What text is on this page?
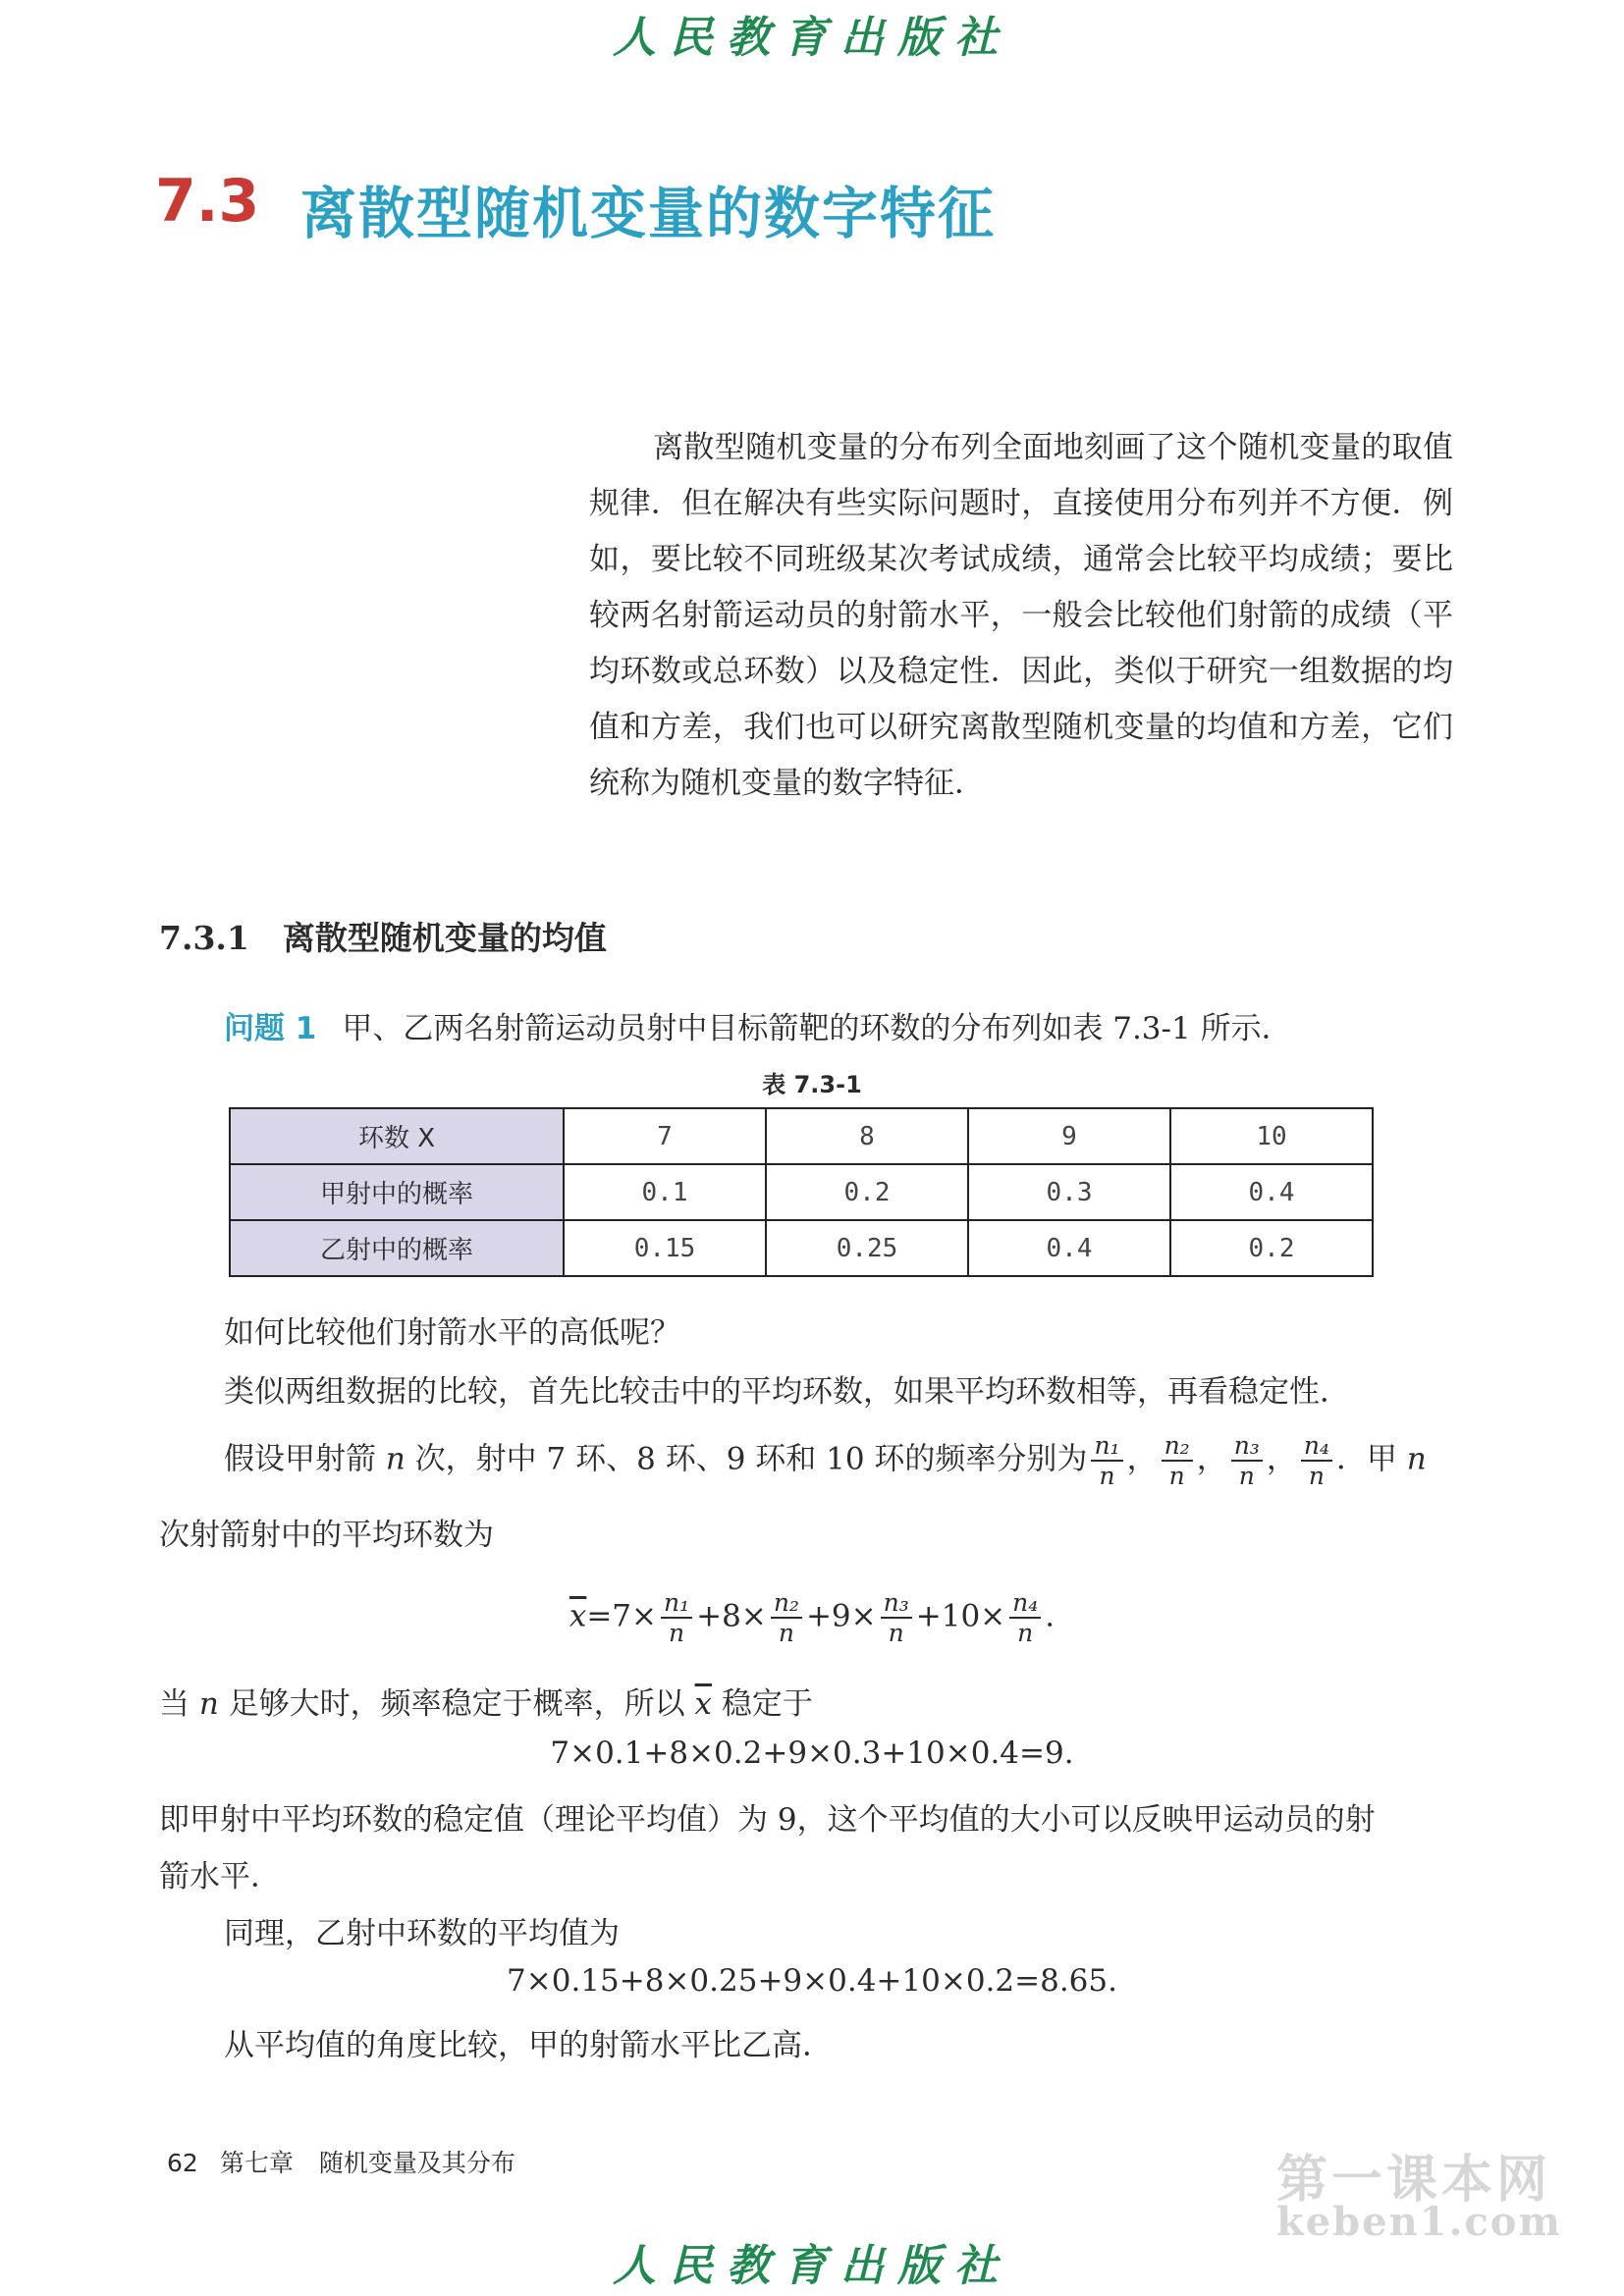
人民教育出版社
7.3 离散型随机变量的数字特征
离散型随机变量的分布列全面地刻画了这个随机变量的取值规律．但在解决有些实际问题时，直接使用分布列并不方便．例如，要比较不同班级某次考试成绩，通常会比较平均成绩；要比较两名射箭运动员的射箭水平，一般会比较他们射箭的成绩（平均环数或总环数）以及稳定性．因此，类似于研究一组数据的均值和方差，我们也可以研究离散型随机变量的均值和方差，它们统称为随机变量的数字特征．
7.3.1 离散型随机变量的均值
问题 1 甲、乙两名射箭运动员射中目标箭靶的环数的分布列如表 7.3-1 所示．
表 7.3-1
环数 X	7	8	9	10
甲射中的概率	0.1	0.2	0.3	0.4
乙射中的概率	0.15	0.25	0.4	0.2
如何比较他们射箭水平的高低呢？
类似两组数据的比较，首先比较击中的平均环数，如果平均环数相等，再看稳定性．
假设甲射箭 n 次，射中 7 环、8 环、9 环和 10 环的频率分别为 $\frac{\text{n₁}}{n}$ ， $\frac{\text{n₂}}{n}$ ， $\frac{\text{n₃}}{n}$ ， $\frac{\text{n₄}}{n}$ ．甲 n
次射箭射中的平均环数为
$\overline{x}=7\times \frac{\text{n₁}}{n} +8\times \frac{\text{n₂}}{n} +9\times \frac{\text{n₃}}{n} +10\times \frac{\text{n₄}}{n}$ .
当 n 足够大时，频率稳定于概率，所以 $\overline{x}$ 稳定于
7×0.1+8×0.2+9×0.3+10×0.4=9.
即甲射中平均环数的稳定值（理论平均值）为 9，这个平均值的大小可以反映甲运动员的射
箭水平．
同理，乙射中环数的平均值为
7×0.15+8×0.25+9×0.4+10×0.2=8.65.
从平均值的角度比较，甲的射箭水平比乙高．
62 第七章 随机变量及其分布	第一课本网
keben1.com
人民教育出版社
